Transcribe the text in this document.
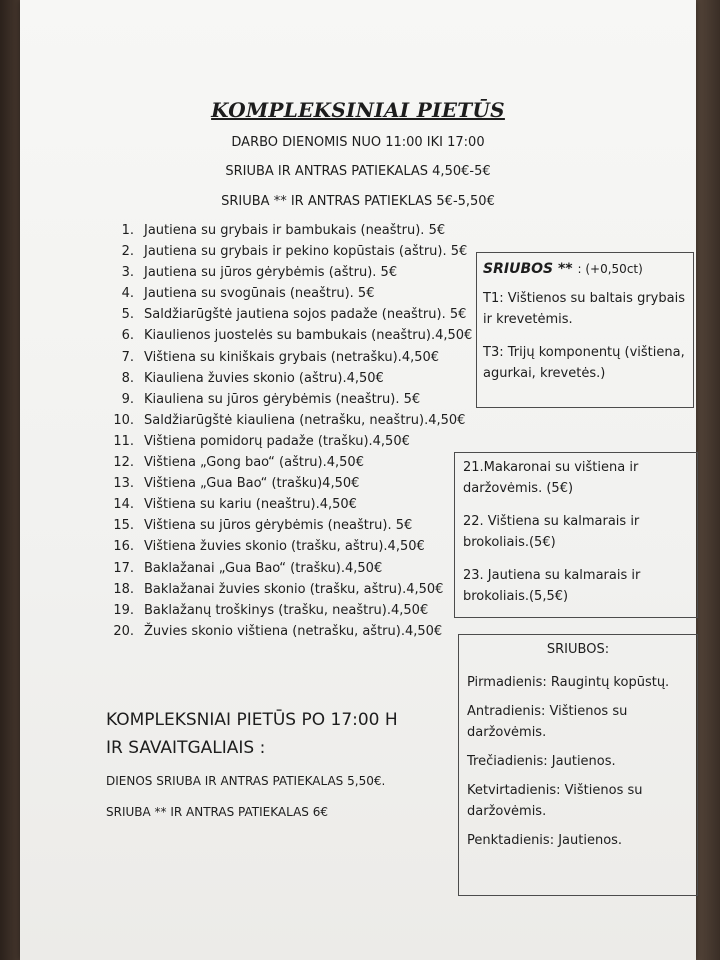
KOMPLEKSINIAI PIETŪS
DARBO DIENOMIS NUO 11:00 IKI 17:00
SRIUBA IR ANTRAS PATIEKALAS 4,50€-5€
SRIUBA ** IR ANTRAS PATIEKLAS 5€-5,50€
1. Jautiena su grybais ir bambukais (neaštru). 5€
2. Jautiena su grybais ir pekino kopūstais (aštru). 5€
3. Jautiena su jūros gėrybėmis (aštru). 5€
4. Jautiena su svogūnais (neaštru). 5€
5. Saldžiarūgštė jautiena sojos padaže (neaštru). 5€
6. Kiaulienos juostelės su bambukais (neaštru).4,50€
7. Vištiena su kiniškais grybais (netrašku).4,50€
8. Kiauliena žuvies skonio (aštru).4,50€
9. Kiauliena su jūros gėrybėmis (neaštru). 5€
10. Saldžiarūgštė kiauliena (netrašku, neaštru).4,50€
11. Vištiena pomidorų padaže (trašku).4,50€
12. Vištiena „Gong bao“ (aštru).4,50€
13. Vištiena „Gua Bao“ (trašku)4,50€
14. Vištiena su kariu (neaštru).4,50€
15. Vištiena su jūros gėrybėmis (neaštru). 5€
16. Vištiena žuvies skonio (trašku, aštru).4,50€
17. Baklažanai „Gua Bao“ (trašku).4,50€
18. Baklažanai žuvies skonio (trašku, aštru).4,50€
19. Baklažanų troškinys (trašku, neaštru).4,50€
20. Žuvies skonio vištiena (netrašku, aštru).4,50€
SRIUBOS ** : (+0,50ct)
T1: Vištienos su baltais grybais ir krevetėmis.
T3: Trijų komponentų (vištiena, agurkai, krevetės.)
21.Makaronai su vištiena ir daržovėmis. (5€)
22. Vištiena su kalmarais ir brokoliais.(5€)
23. Jautiena su kalmarais ir brokoliais.(5,5€)
KOMPLEKSNIAI PIETŪS PO 17:00 H
IR SAVAITGALIAIS :
DIENOS SRIUBA IR ANTRAS PATIEKALAS 5,50€.
SRIUBA ** IR ANTRAS PATIEKALAS 6€
SRIUBOS:
Pirmadienis: Raugintų kopūstų.
Antradienis: Vištienos su daržovėmis.
Trečiadienis: Jautienos.
Ketvirtadienis: Vištienos su daržovėmis.
Penktadienis: Jautienos.
